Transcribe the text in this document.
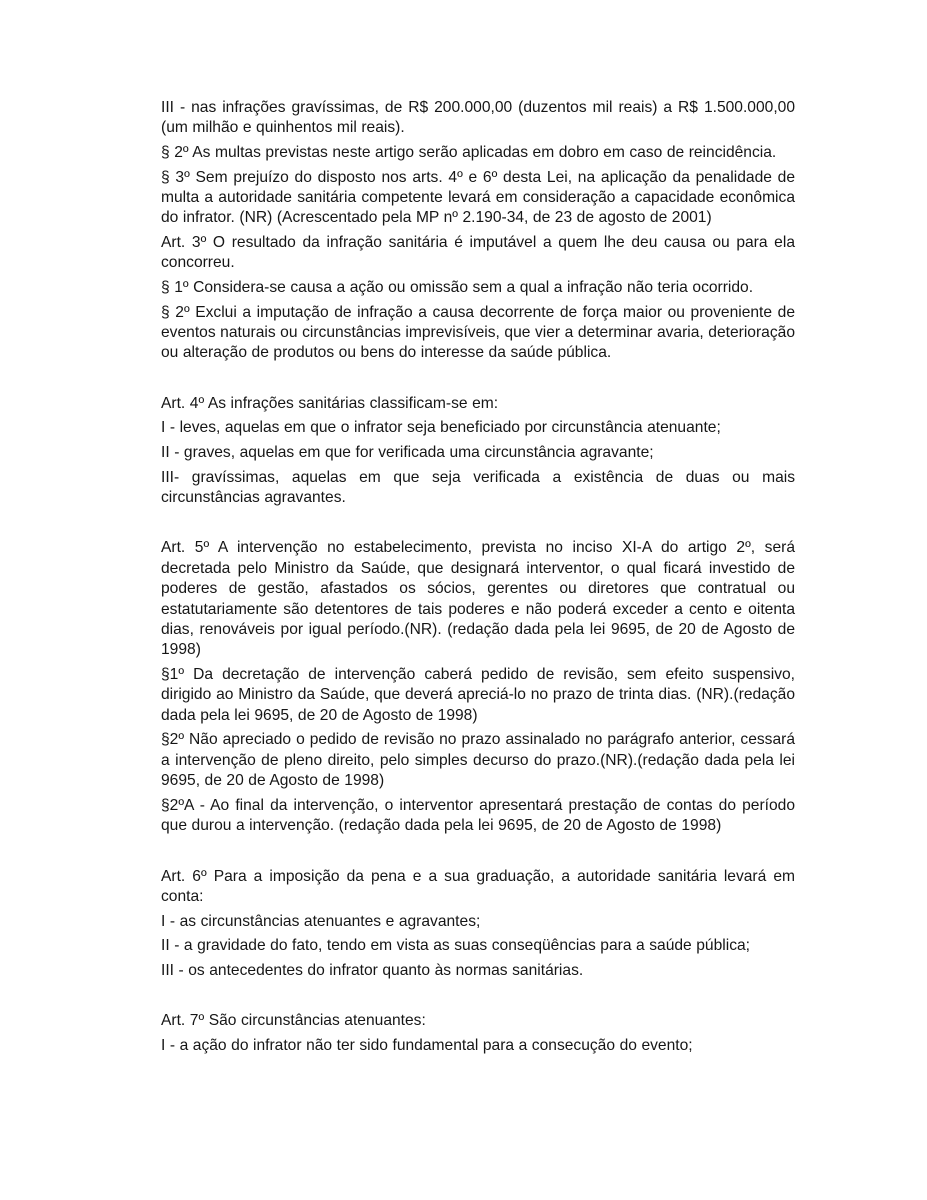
III - nas infrações gravíssimas, de R$ 200.000,00 (duzentos mil reais) a R$ 1.500.000,00 (um milhão e quinhentos mil reais).

§ 2º As multas previstas neste artigo serão aplicadas em dobro em caso de reincidência.

§ 3º Sem prejuízo do disposto nos arts. 4º e 6º desta Lei, na aplicação da penalidade de multa a autoridade sanitária competente levará em consideração a capacidade econômica do infrator. (NR) (Acrescentado pela MP nº 2.190-34, de 23 de agosto de 2001)

Art. 3º O resultado da infração sanitária é imputável a quem lhe deu causa ou para ela concorreu.

§ 1º Considera-se causa a ação ou omissão sem a qual a infração não teria ocorrido.

§ 2º Exclui a imputação de infração a causa decorrente de força maior ou proveniente de eventos naturais ou circunstâncias imprevisíveis, que vier a determinar avaria, deterioração ou alteração de produtos ou bens do interesse da saúde pública.

Art. 4º As infrações sanitárias classificam-se em:

I - leves, aquelas em que o infrator seja beneficiado por circunstância atenuante;

II - graves, aquelas em que for verificada uma circunstância agravante;

III- gravíssimas, aquelas em que seja verificada a existência de duas ou mais circunstâncias agravantes.

Art. 5º A intervenção no estabelecimento, prevista no inciso XI-A do artigo 2º, será decretada pelo Ministro da Saúde, que designará interventor, o qual ficará investido de poderes de gestão, afastados os sócios, gerentes ou diretores que contratual ou estatutariamente são detentores de tais poderes e não poderá exceder a cento e oitenta dias, renováveis por igual período.(NR). (redação dada pela lei 9695, de 20 de Agosto de 1998)

§1º Da decretação de intervenção caberá pedido de revisão, sem efeito suspensivo, dirigido ao Ministro da Saúde, que deverá apreciá-lo no prazo de trinta dias. (NR).(redação dada pela lei 9695, de 20 de Agosto de 1998)

§2º Não apreciado o pedido de revisão no prazo assinalado no parágrafo anterior, cessará a intervenção de pleno direito, pelo simples decurso do prazo.(NR).(redação dada pela lei 9695, de 20 de Agosto de 1998)

§2ºA - Ao final da intervenção, o interventor apresentará prestação de contas do período que durou a intervenção. (redação dada pela lei 9695, de 20 de Agosto de 1998)

Art. 6º Para a imposição da pena e a sua graduação, a autoridade sanitária levará em conta:

I - as circunstâncias atenuantes e agravantes;

II - a gravidade do fato, tendo em vista as suas conseqüências para a saúde pública;

III - os antecedentes do infrator quanto às normas sanitárias.

Art. 7º São circunstâncias atenuantes:

I - a ação do infrator não ter sido fundamental para a consecução do evento;
